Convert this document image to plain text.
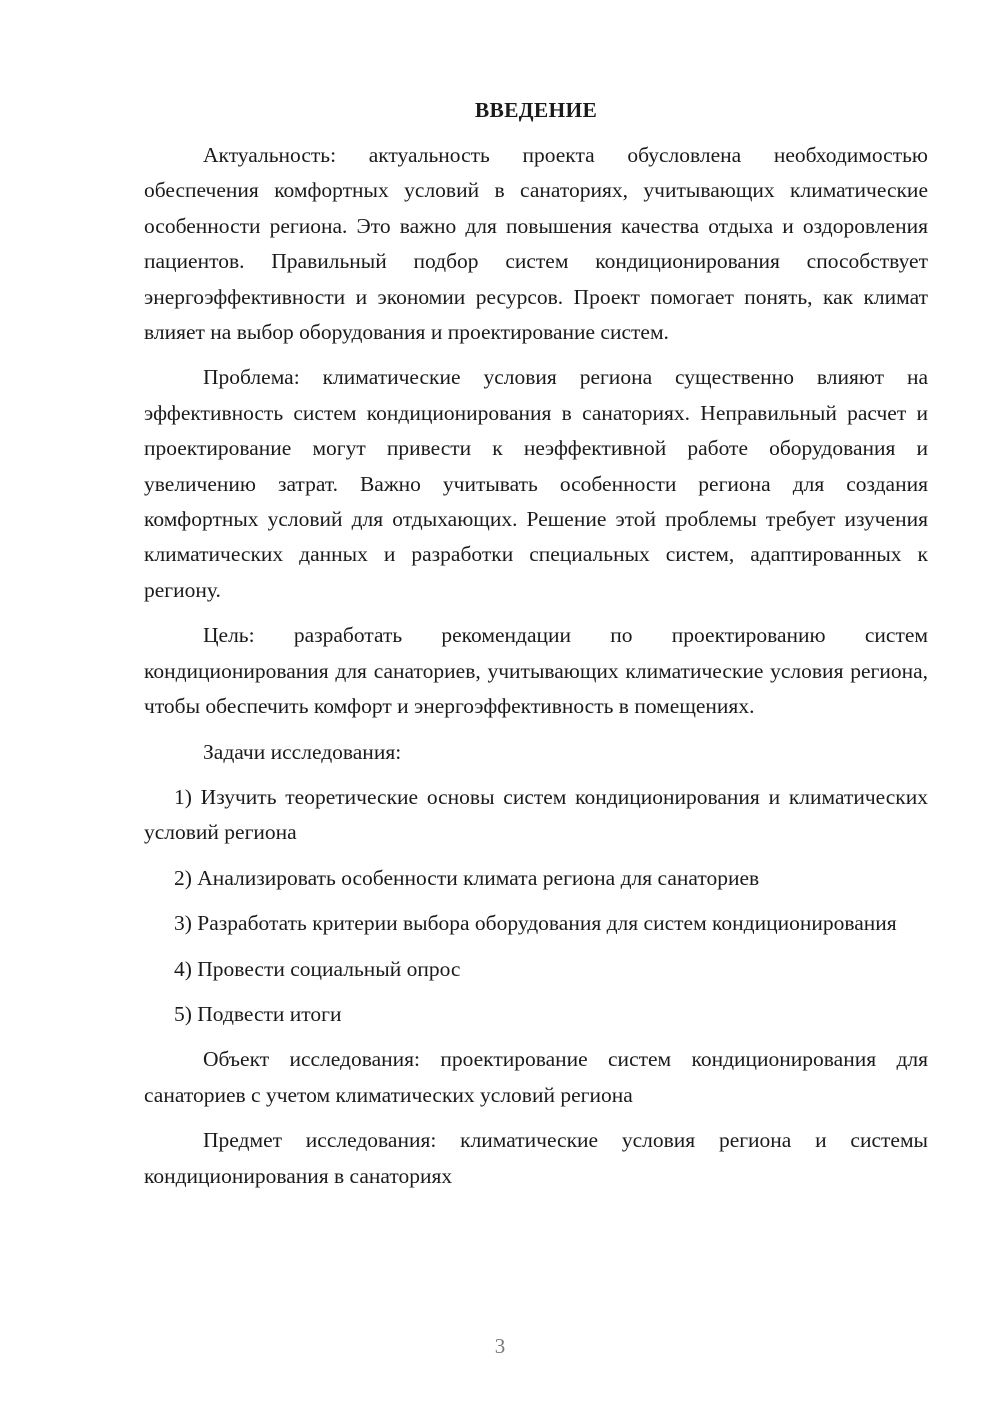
ВВЕДЕНИЕ

Актуальность: актуальность проекта обусловлена необходимостью обеспечения комфортных условий в санаториях, учитывающих климатические особенности региона. Это важно для повышения качества отдыха и оздоровления пациентов. Правильный подбор систем кондиционирования способствует энергоэффективности и экономии ресурсов. Проект помогает понять, как климат влияет на выбор оборудования и проектирование систем.

Проблема: климатические условия региона существенно влияют на эффективность систем кондиционирования в санаториях. Неправильный расчет и проектирование могут привести к неэффективной работе оборудования и увеличению затрат. Важно учитывать особенности региона для создания комфортных условий для отдыхающих. Решение этой проблемы требует изучения климатических данных и разработки специальных систем, адаптированных к региону.

Цель: разработать рекомендации по проектированию систем кондиционирования для санаториев, учитывающих климатические условия региона, чтобы обеспечить комфорт и энергоэффективность в помещениях.

Задачи исследования:

1) Изучить теоретические основы систем кондиционирования и климатических условий региона

2) Анализировать особенности климата региона для санаториев

3) Разработать критерии выбора оборудования для систем кондиционирования

4) Провести социальный опрос

5) Подвести итоги

Объект исследования: проектирование систем кондиционирования для санаториев с учетом климатических условий региона

Предмет исследования: климатические условия региона и системы кондиционирования в санаториях

3
